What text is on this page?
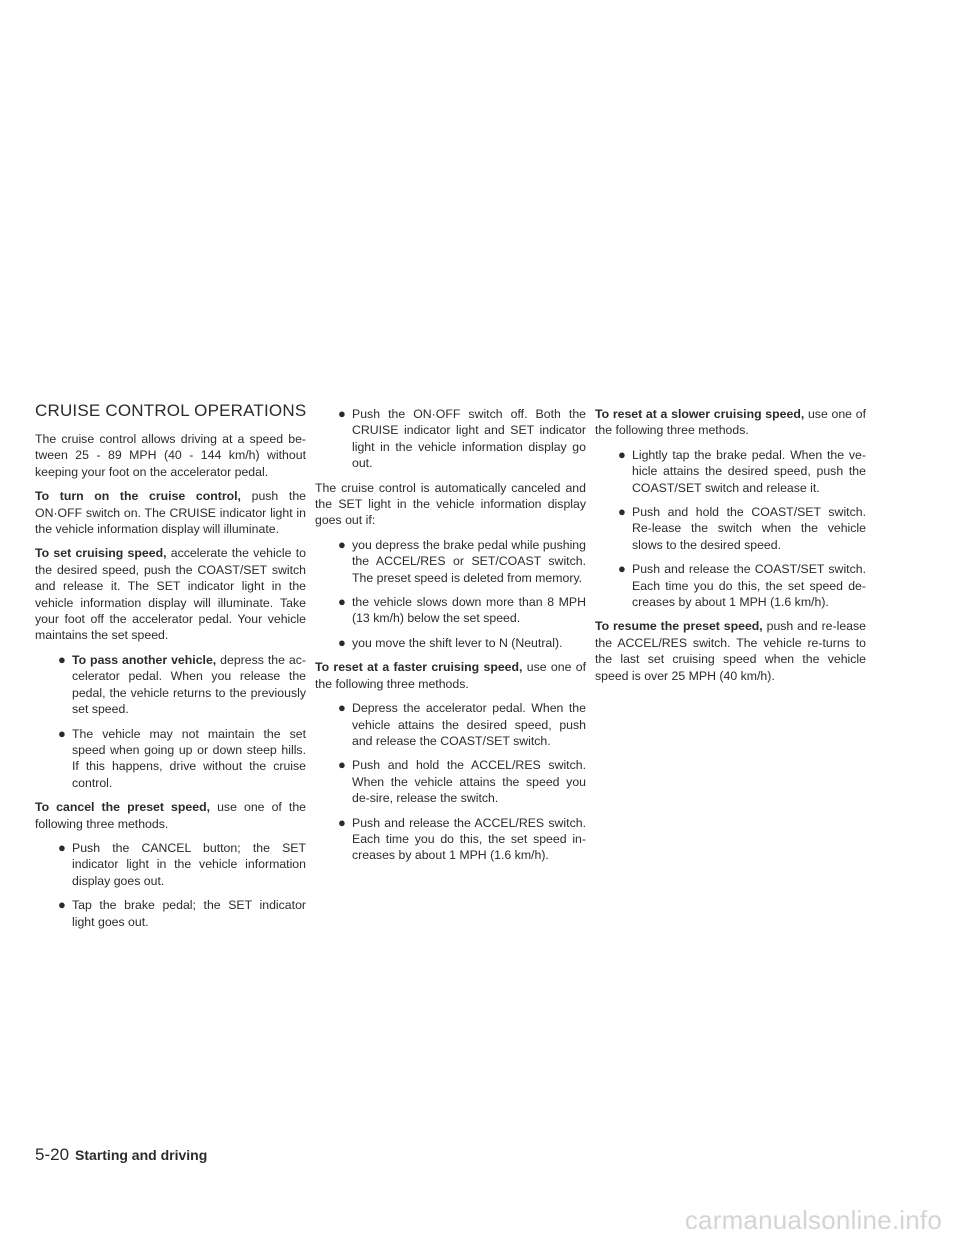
CRUISE CONTROL OPERATIONS

The cruise control allows driving at a speed be-tween 25 - 89 MPH (40 - 144 km/h) without keeping your foot on the accelerator pedal.

To turn on the cruise control, push the ON·OFF switch on. The CRUISE indicator light in the vehicle information display will illuminate.

To set cruising speed, accelerate the vehicle to the desired speed, push the COAST/SET switch and release it. The SET indicator light in the vehicle information display will illuminate. Take your foot off the accelerator pedal. Your vehicle maintains the set speed.

● To pass another vehicle, depress the ac-celerator pedal. When you release the pedal, the vehicle returns to the previously set speed.
● The vehicle may not maintain the set speed when going up or down steep hills. If this happens, drive without the cruise control.

To cancel the preset speed, use one of the following three methods.

● Push the CANCEL button; the SET indicator light in the vehicle information display goes out.
● Tap the brake pedal; the SET indicator light goes out.
● Push the ON·OFF switch off. Both the CRUISE indicator light and SET indicator light in the vehicle information display go out.

The cruise control is automatically canceled and the SET light in the vehicle information display goes out if:

● you depress the brake pedal while pushing the ACCEL/RES or SET/COAST switch. The preset speed is deleted from memory.
● the vehicle slows down more than 8 MPH (13 km/h) below the set speed.
● you move the shift lever to N (Neutral).

To reset at a faster cruising speed, use one of the following three methods.

● Depress the accelerator pedal. When the vehicle attains the desired speed, push and release the COAST/SET switch.
● Push and hold the ACCEL/RES switch. When the vehicle attains the speed you de-sire, release the switch.
● Push and release the ACCEL/RES switch. Each time you do this, the set speed in-creases by about 1 MPH (1.6 km/h).

To reset at a slower cruising speed, use one of the following three methods.

● Lightly tap the brake pedal. When the ve-hicle attains the desired speed, push the COAST/SET switch and release it.
● Push and hold the COAST/SET switch. Re-lease the switch when the vehicle slows to the desired speed.
● Push and release the COAST/SET switch. Each time you do this, the set speed de-creases by about 1 MPH (1.6 km/h).

To resume the preset speed, push and re-lease the ACCEL/RES switch. The vehicle re-turns to the last set cruising speed when the vehicle speed is over 25 MPH (40 km/h).

5-20 Starting and driving
carmanualsonline.info
